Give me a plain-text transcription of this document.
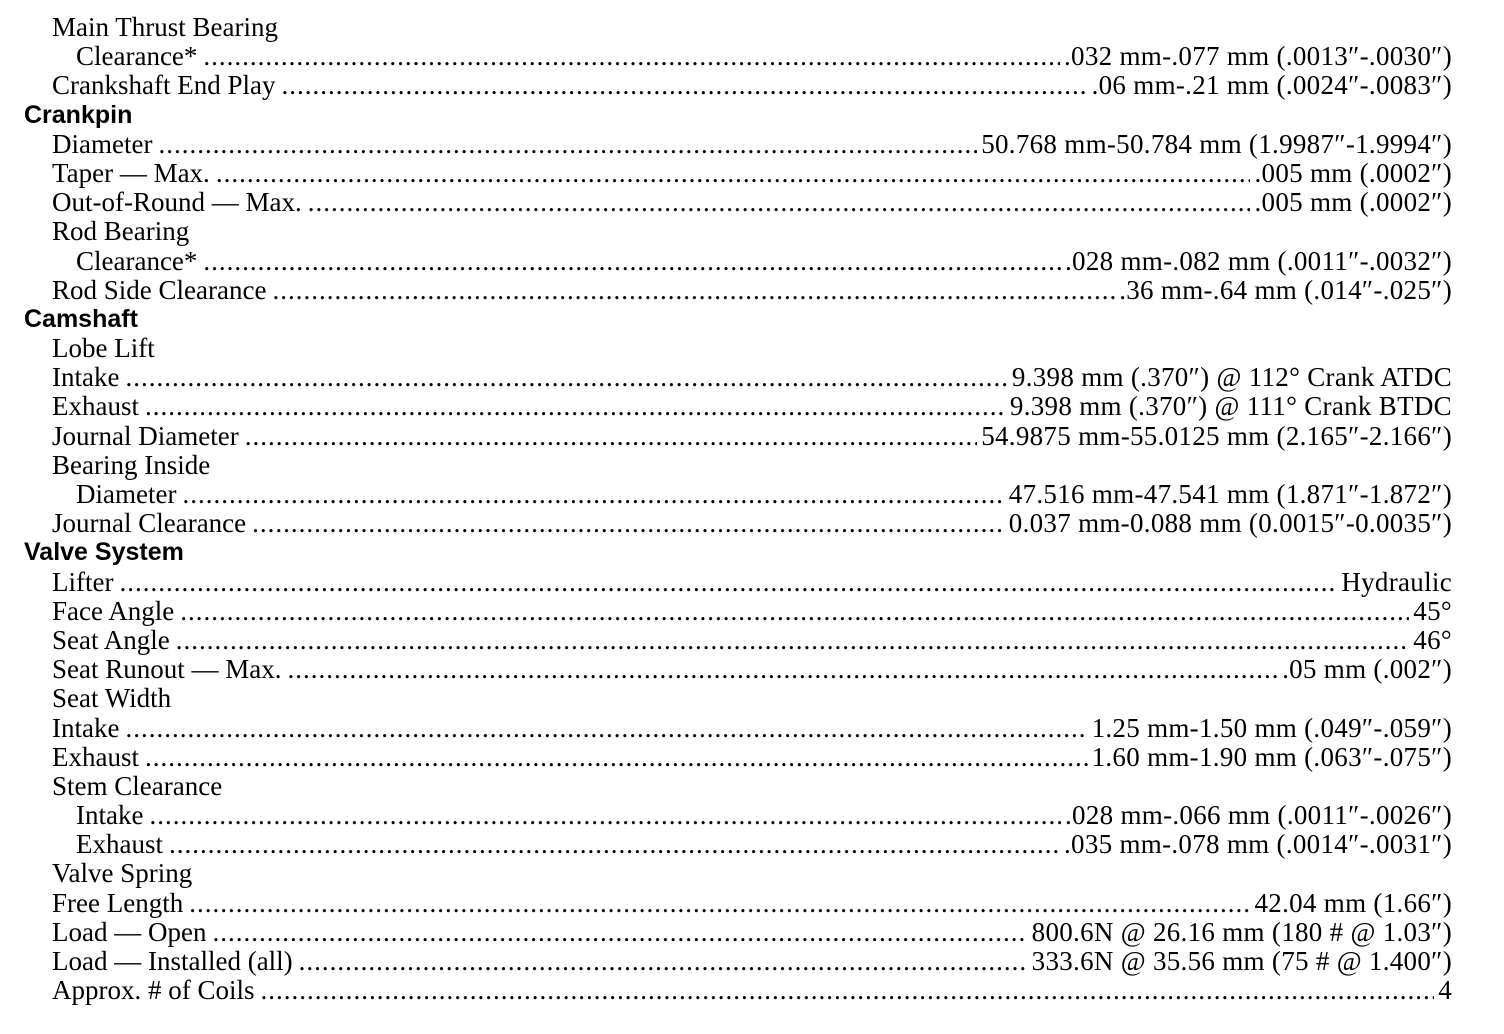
Main Thrust Bearing
Clearance* .....	.032 mm-.077 mm (.0013″-.0030″)
Crankshaft End Play .....	.06 mm-.21 mm (.0024″-.0083″)
Crankpin
Diameter .....	50.768 mm-50.784 mm (1.9987″-1.9994″)
Taper — Max. .....	.005 mm (.0002″)
Out-of-Round — Max. .....	.005 mm (.0002″)
Rod Bearing
Clearance* .....	.028 mm-.082 mm (.0011″-.0032″)
Rod Side Clearance .....	.36 mm-.64 mm (.014″-.025″)
Camshaft
Lobe Lift
Intake .....	9.398 mm (.370″) @ 112° Crank ATDC
Exhaust .....	9.398 mm (.370″) @ 111° Crank BTDC
Journal Diameter .....	54.9875 mm-55.0125 mm (2.165″-2.166″)
Bearing Inside
Diameter .....	47.516 mm-47.541 mm (1.871″-1.872″)
Journal Clearance .....	0.037 mm-0.088 mm (0.0015″-0.0035″)
Valve System
Lifter .....	Hydraulic
Face Angle .....	45°
Seat Angle .....	46°
Seat Runout — Max. .....	.05 mm (.002″)
Seat Width
Intake .....	1.25 mm-1.50 mm (.049″-.059″)
Exhaust .....	1.60 mm-1.90 mm (.063″-.075″)
Stem Clearance
Intake .....	.028 mm-.066 mm (.0011″-.0026″)
Exhaust .....	.035 mm-.078 mm (.0014″-.0031″)
Valve Spring
Free Length .....	42.04 mm (1.66″)
Load — Open .....	800.6N @ 26.16 mm (180 # @ 1.03″)
Load — Installed (all) .....	333.6N @ 35.56 mm (75 # @ 1.400″)
Approx. # of Coils .....	4
